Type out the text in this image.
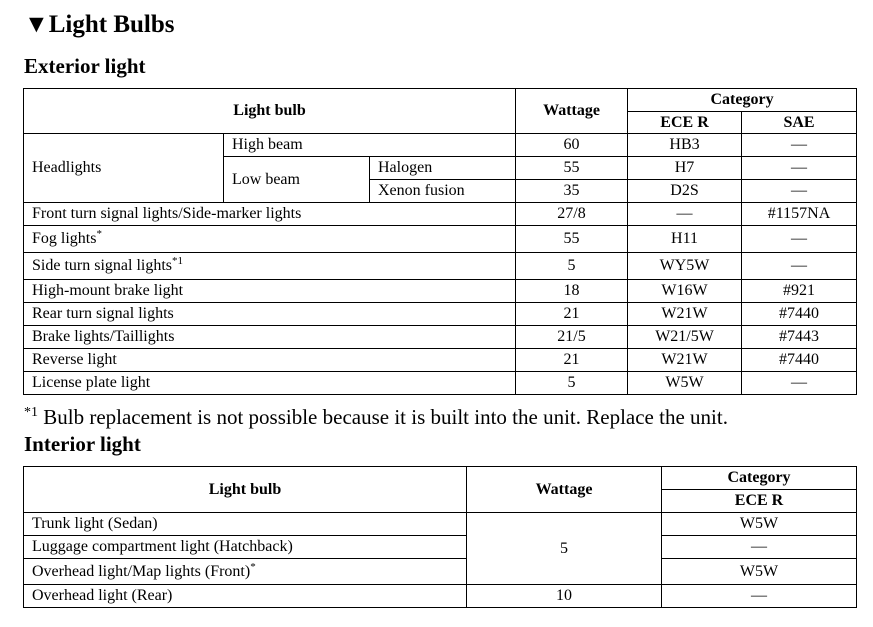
▼Light Bulbs
Exterior light
Light bulb			Wattage	Category	
				ECE R	SAE
Headlights	High beam		60	HB3	—
	Low beam	Halogen	55	H7	—
		Xenon fusion	35	D2S	—
Front turn signal lights/Side-marker lights			27/8	—	#1157NA
Fog lights*			55	H11	—
Side turn signal lights$^{*1}$			5	WY5W	—
High-mount brake light			18	W16W	#921
Rear turn signal lights			21	W21W	#7440
Brake lights/Taillights			21/5	W21/5W	#7443
Reverse light			21	W21W	#7440
License plate light			5	W5W	—
$^{*1}$ Bulb replacement is not possible because it is built into the unit. Replace the unit.
Interior light
Light bulb	Wattage	Category
		ECE R
Trunk light (Sedan)	5	W5W
Luggage compartment light (Hatchback)		—
Overhead light/Map lights (Front)*		W5W
Overhead light (Rear)	10	—
